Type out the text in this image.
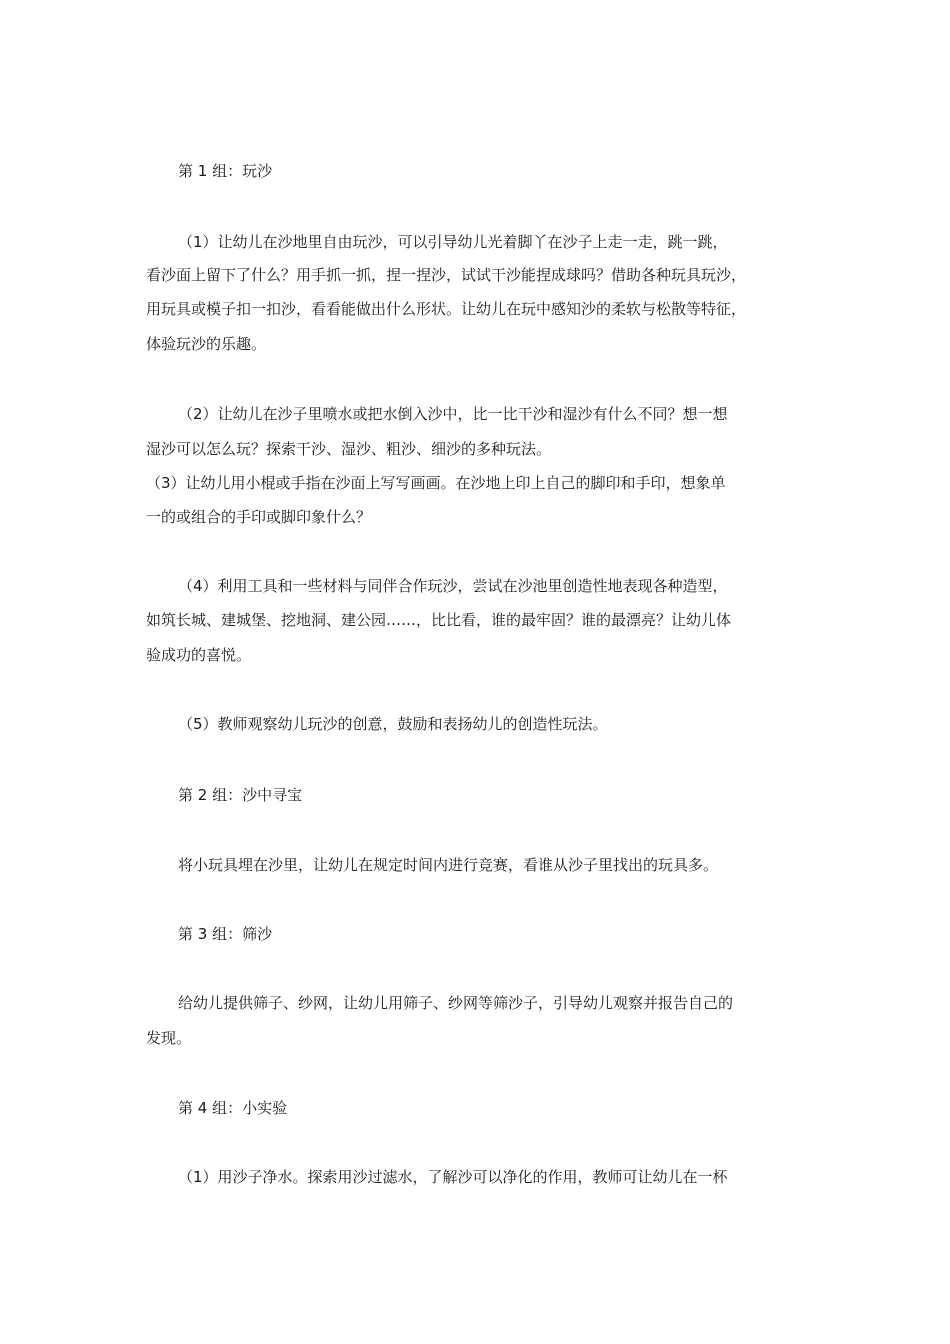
第 1 组：玩沙
（1）让幼儿在沙地里自由玩沙，可以引导幼儿光着脚丫在沙子上走一走，跳一跳，
看沙面上留下了什么？用手抓一抓，捏一捏沙，试试干沙能捏成球吗？借助各种玩具玩沙，
用玩具或模子扣一扣沙，看看能做出什么形状。让幼儿在玩中感知沙的柔软与松散等特征，
体验玩沙的乐趣。
（2）让幼儿在沙子里喷水或把水倒入沙中，比一比干沙和湿沙有什么不同？想一想
湿沙可以怎么玩？探索干沙、湿沙、粗沙、细沙的多种玩法。
（3）让幼儿用小棍或手指在沙面上写写画画。在沙地上印上自己的脚印和手印，想象单
一的或组合的手印或脚印象什么？
（4）利用工具和一些材料与同伴合作玩沙，尝试在沙池里创造性地表现各种造型，
如筑长城、建城堡、挖地洞、建公园……，比比看，谁的最牢固？谁的最漂亮？让幼儿体
验成功的喜悦。
（5）教师观察幼儿玩沙的创意，鼓励和表扬幼儿的创造性玩法。
第 2 组：沙中寻宝
将小玩具埋在沙里，让幼儿在规定时间内进行竞赛，看谁从沙子里找出的玩具多。
第 3 组：筛沙
给幼儿提供筛子、纱网，让幼儿用筛子、纱网等筛沙子，引导幼儿观察并报告自己的
发现。
第 4 组：小实验
（1）用沙子净水。探索用沙过滤水，了解沙可以净化的作用，教师可让幼儿在一杯
